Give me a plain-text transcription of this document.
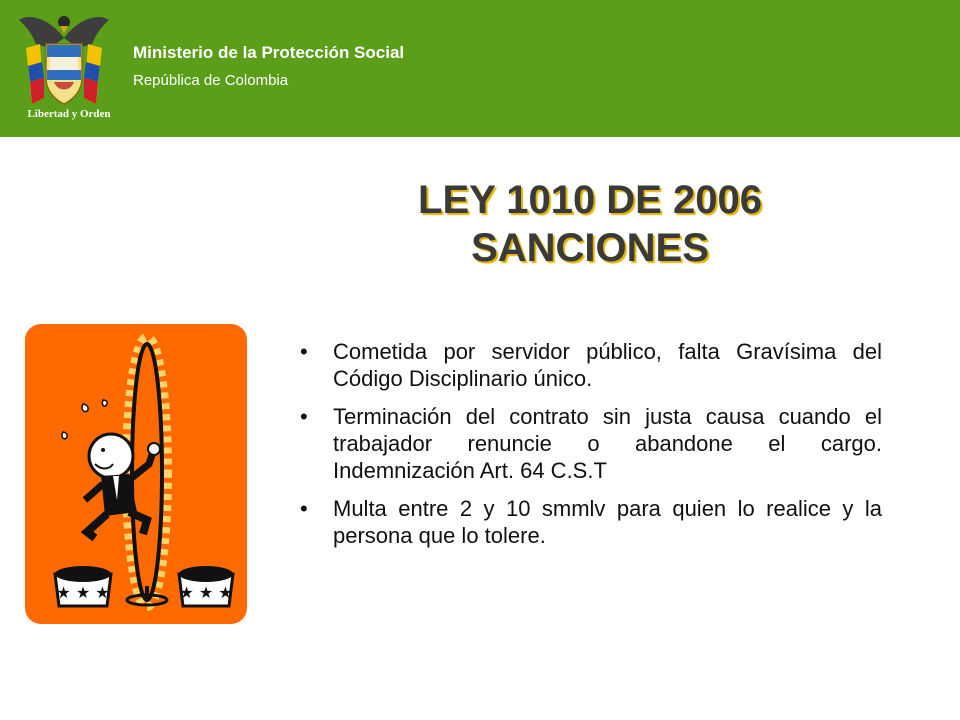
Ministerio de la Protección Social
República de Colombia
Libertad y Orden
LEY 1010 DE 2006
SANCIONES
★ ★ ★	★ ★ ★
• Cometida por servidor público, falta Gravísima del Código Disciplinario único.
• Terminación del contrato sin justa causa cuando el trabajador renuncie o abandone el cargo. Indemnización Art. 64 C.S.T
• Multa entre 2 y 10 smmlv para quien lo realice y la persona que lo tolere.
